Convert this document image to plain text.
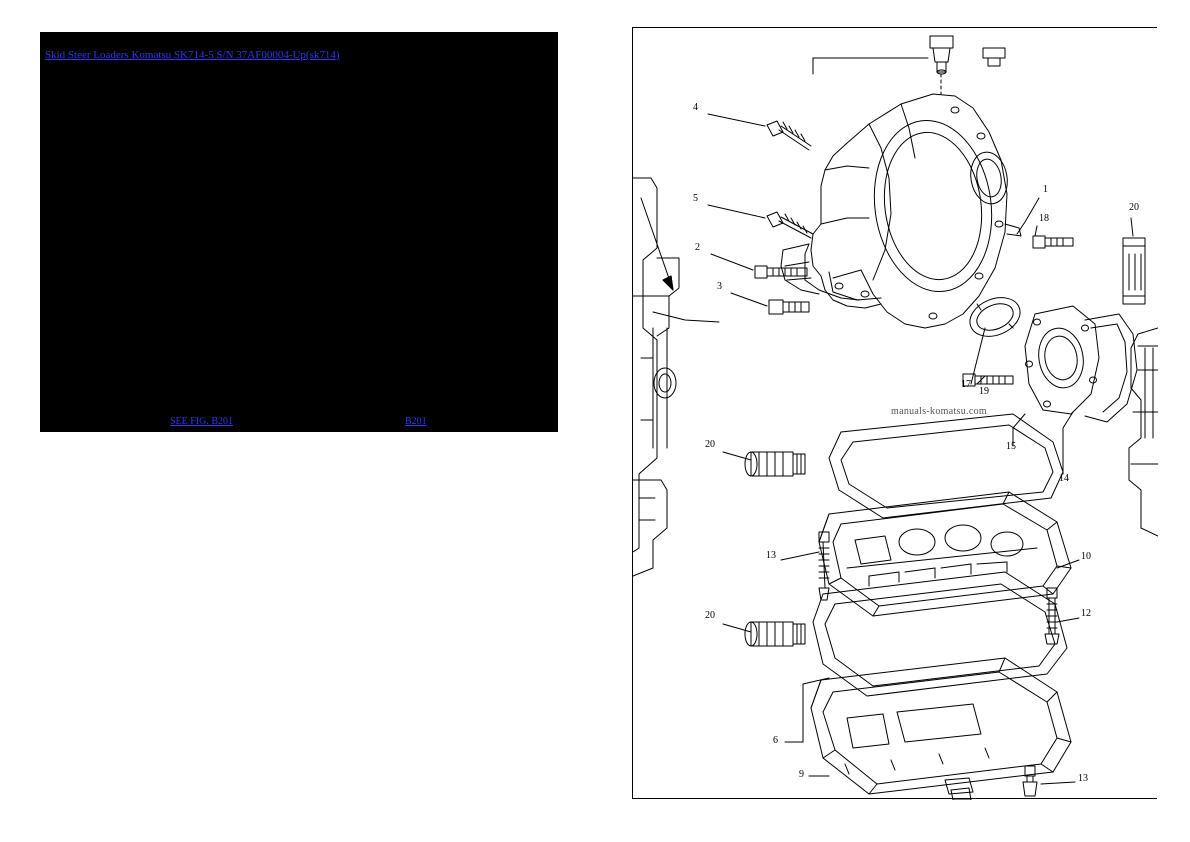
Skid Steer Loaders Komatsu SK714-5 S/N 37AF00004-Up(sk714)
SEE FIG. B201	B201
4
5
2
3
1
18
20
17
19
15
14
20
13	10
12
20
6
9	13
manuals-komatsu.com
